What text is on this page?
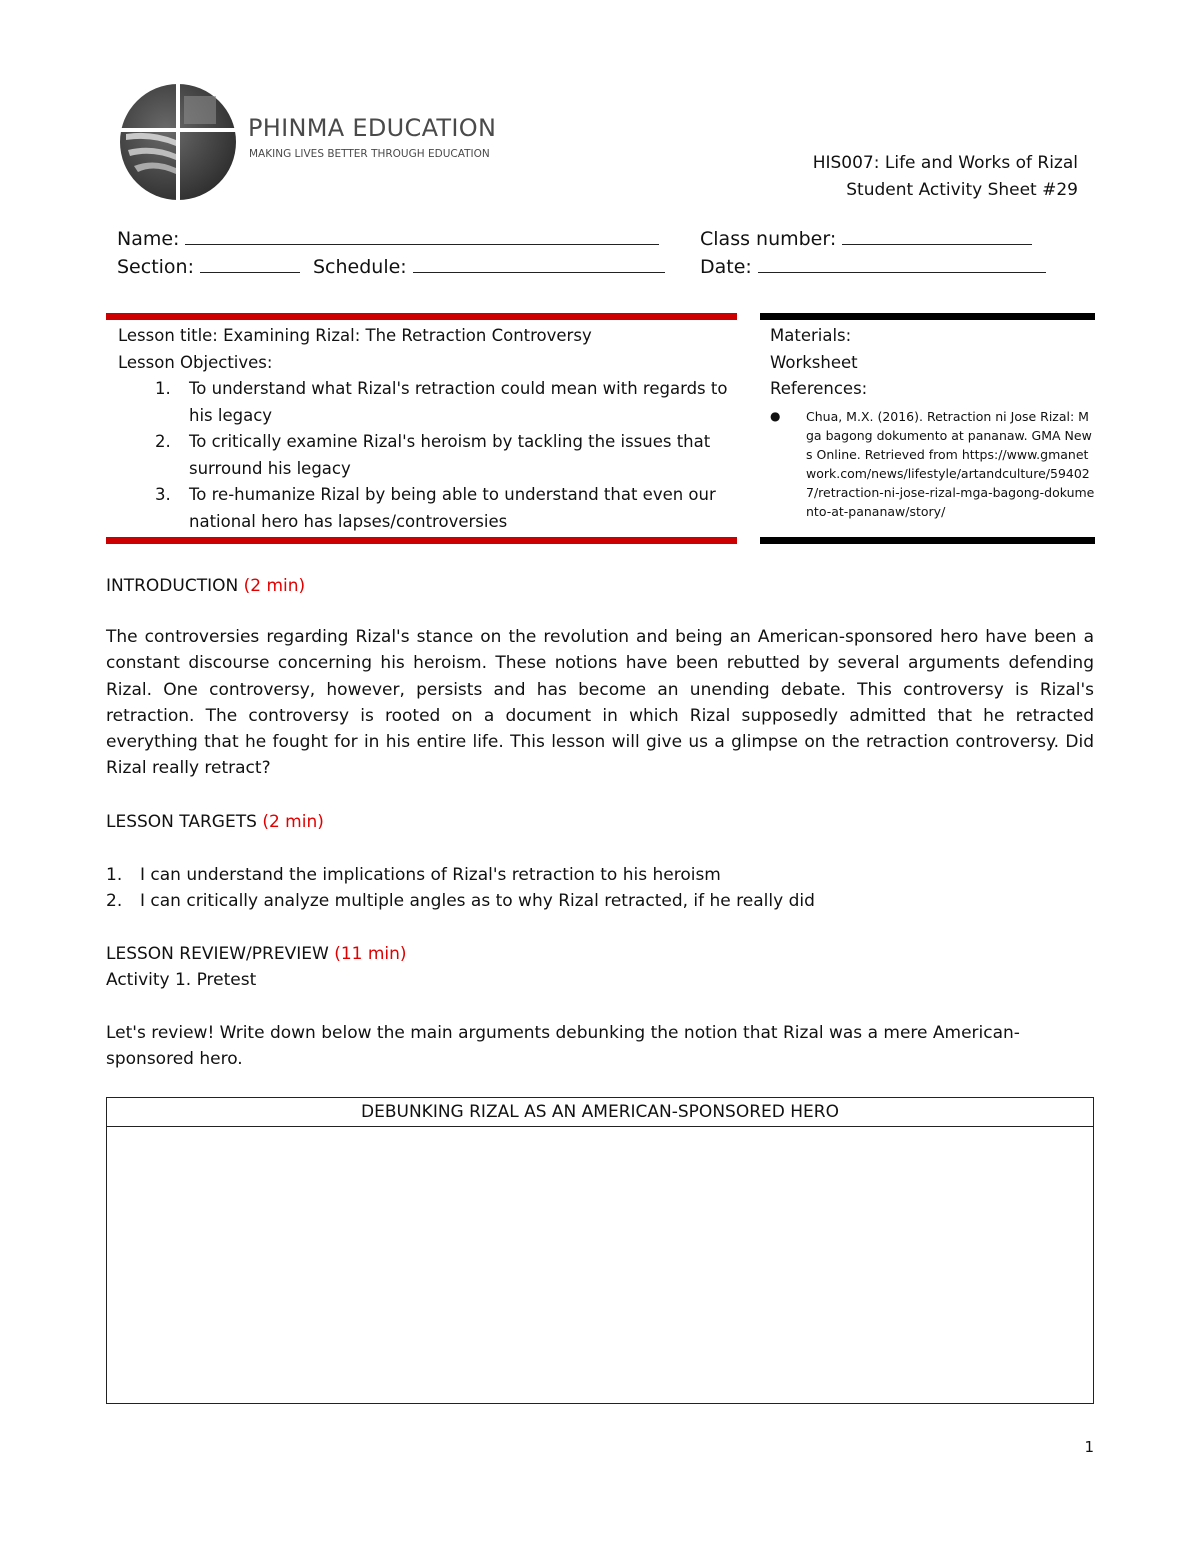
PHINMA EDUCATION
MAKING LIVES BETTER THROUGH EDUCATION	HIS007: Life and Works of Rizal
Student Activity Sheet #29
Name:	Class number:
Section:	Schedule:	Date:
Lesson title: Examining Rizal: The Retraction Controversy
Lesson Objectives:
1. To understand what Rizal's retraction could mean with regards to his legacy
2. To critically examine Rizal's heroism by tackling the issues that surround his legacy
3. To re-humanize Rizal by being able to understand that even our national hero has lapses/controversies
Materials:
Worksheet
References:
● Chua, M.X. (2016). Retraction ni Jose Rizal: Mga bagong dokumento at pananaw. GMA News Online. Retrieved from https://www.gmanetwork.com/news/lifestyle/artandculture/594027/retraction-ni-jose-rizal-mga-bagong-dokumento-at-pananaw/story/
INTRODUCTION (2 min)
The controversies regarding Rizal's stance on the revolution and being an American-sponsored hero have been a constant discourse concerning his heroism. These notions have been rebutted by several arguments defending Rizal. One controversy, however, persists and has become an unending debate. This controversy is Rizal's retraction. The controversy is rooted on a document in which Rizal supposedly admitted that he retracted everything that he fought for in his entire life. This lesson will give us a glimpse on the retraction controversy. Did Rizal really retract?
LESSON TARGETS (2 min)
1. I can understand the implications of Rizal's retraction to his heroism
2. I can critically analyze multiple angles as to why Rizal retracted, if he really did
LESSON REVIEW/PREVIEW (11 min)
Activity 1. Pretest
Let's review! Write down below the main arguments debunking the notion that Rizal was a mere American-sponsored hero.
DEBUNKING RIZAL AS AN AMERICAN-SPONSORED HERO
1
